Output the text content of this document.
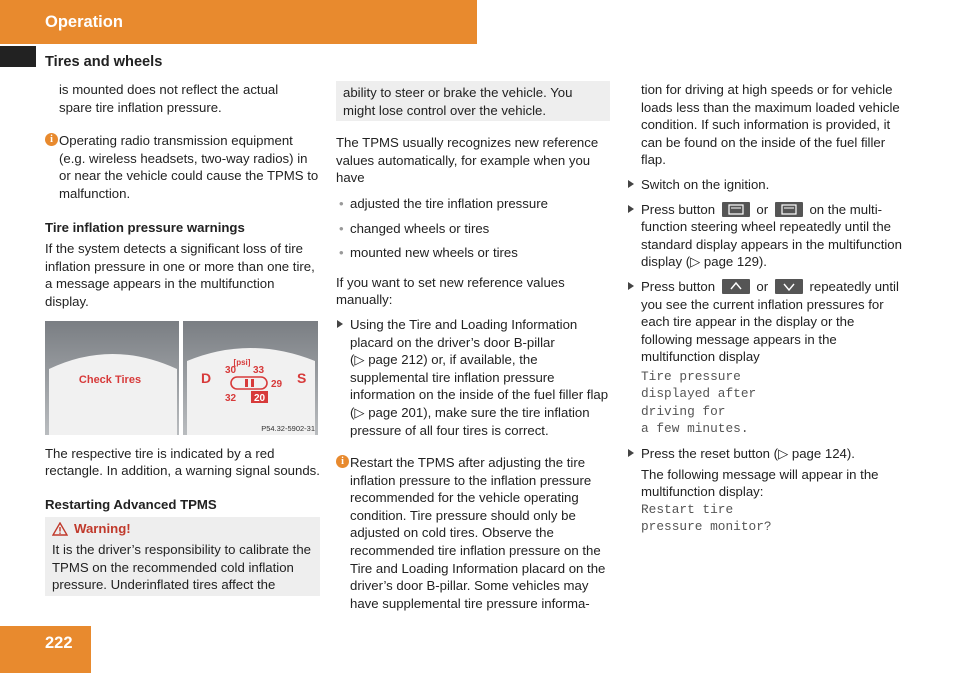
Operation
Tires and wheels

is mounted does not reflect the actual

spare tire inflation pressure.

i Operating radio transmission equipment (e.g. wireless headsets, two-way radios) in or near the vehicle could cause the TPMS to malfunction.

Tire inflation pressure warnings

If the system detects a significant loss of tire inflation pressure in one or more than one tire, a message appears in the multifunction display.

Check Tires
[psi]
D	S
30 33
29
32 20
P54.32-5902-31

The respective tire is indicated by a red rectangle. In addition, a warning signal sounds.

Restarting Advanced TPMS

Warning!

It is the driver’s responsibility to calibrate the TPMS on the recommended cold inflation pressure. Underinflated tires affect the

ability to steer or brake the vehicle. You might lose control over the vehicle.

The TPMS usually recognizes new reference values automatically, for example when you have

• adjusted the tire inflation pressure
• changed wheels or tires
• mounted new wheels or tires

If you want to set new reference values manually:

Using the Tire and Loading Information placard on the driver’s door B-pillar

(▷ page 212) or, if available, the supplemental tire inflation pressure information on the inside of the fuel filler flap

(▷ page 201), make sure the tire inflation pressure of all four tires is correct.

i Restart the TPMS after adjusting the tire inflation pressure to the inflation pressure recommended for the vehicle operating condition. Tire pressure should only be adjusted on cold tires. Observe the recommended tire inflation pressure on the Tire and Loading Information placard on the driver’s door B-pillar. Some vehicles may have supplemental tire pressure informa-

tion for driving at high speeds or for vehicle loads less than the maximum loaded vehicle condition. If such information is provided, it can be found on the inside of the fuel filler flap.

Switch on the ignition.

Press button	or	on the multi-function steering wheel repeatedly until the standard display appears in the multifunction display (▷ page 129).

Press button	or	repeatedly until you see the current inflation pressures for each tire appear in the display or the following message appears in the multifunction display

Tire pressure
displayed after
driving for
a few minutes.

Press the reset button (▷ page 124).

The following message will appear in the multifunction display:

Restart tire
pressure monitor?
222
